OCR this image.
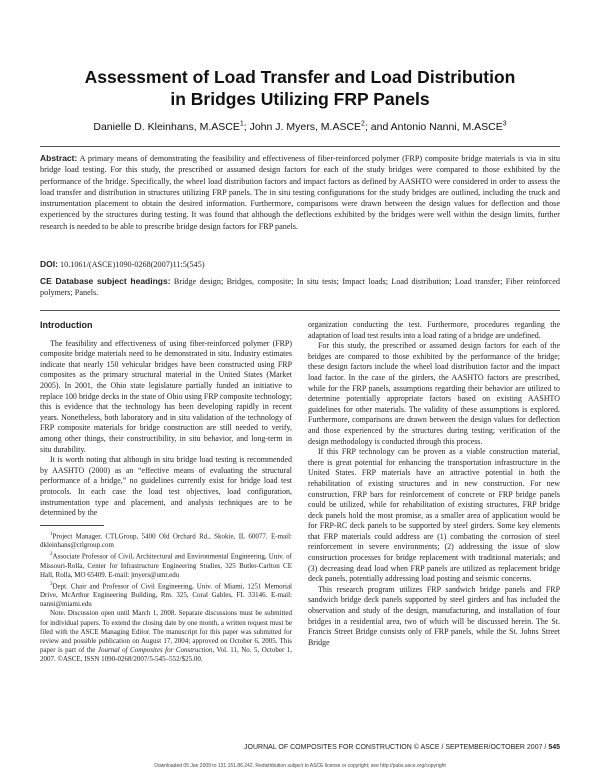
Assessment of Load Transfer and Load Distribution
in Bridges Utilizing FRP Panels
Danielle D. Kleinhans, M.ASCE$^1$; John J. Myers, M.ASCE$^2$; and Antonio Nanni, M.ASCE$^3$
Abstract: A primary means of demonstrating the feasibility and effectiveness of fiber-reinforced polymer (FRP) composite bridge materials is via in situ bridge load testing. For this study, the prescribed or assumed design factors for each of the study bridges were compared to those exhibited by the performance of the bridge. Specifically, the wheel load distribution factors and impact factors as defined by AASHTO were considered in order to assess the load transfer and distribution in structures utilizing FRP panels. The in situ testing configurations for the study bridges are outlined, including the truck and instrumentation placement to obtain the desired information. Furthermore, comparisons were drawn between the design values for deflection and those experienced by the structures during testing. It was found that although the deflections exhibited by the bridges were well within the design limits, further research is needed to be able to prescribe bridge design factors for FRP panels.
DOI: 10.1061/(ASCE)1090-0268(2007)11:5(545)
CE Database subject headings: Bridge design; Bridges, composite; In situ tests; Impact loads; Load distribution; Load transfer; Fiber reinforced polymers; Panels.
Introduction

The feasibility and effectiveness of using fiber-reinforced polymer (FRP) composite bridge materials need to be demonstrated in situ. Industry estimates indicate that nearly 150 vehicular bridges have been constructed using FRP composites as the primary structural material in the United States (Market 2005). In 2001, the Ohio state legislature partially funded an initiative to replace 100 bridge decks in the state of Ohio using FRP composite technology; this is evidence that the technology has been developing rapidly in recent years. Nonetheless, both laboratory and in situ validation of the technology of FRP composite materials for bridge construction are still needed to verify, among other things, their constructibility, in situ behavior, and long-term in situ durability.

It is worth noting that although in situ bridge load testing is recommended by AASHTO (2000) as an “effective means of evaluating the structural performance of a bridge,” no guidelines currently exist for bridge load test protocols. In each case the load test objectives, load configuration, instrumentation type and placement, and analysis techniques are to be determined by the

$^1$Project Manager, CTLGroup, 5400 Old Orchard Rd., Skokie, IL 60077. E-mail: dkleinhans@ctlgroup.com

$^2$Associate Professor of Civil, Architectural and Environmental Engineering, Univ. of Missouri-Rolla, Center for Infrastructure Engineering Studies, 325 Butler-Carlton CE Hall, Rolla, MO 65409. E-mail: jmyers@umr.edu

$^3$Dept. Chair and Professor of Civil Engineering, Univ. of Miami, 1251 Memorial Drive, McArthur Engineering Building, Rm. 325, Coral Gables, FL 33146. E-mail: nanni@miami.edu

Note. Discussion open until March 1, 2008. Separate discussions must be submitted for individual papers. To extend the closing date by one month, a written request must be filed with the ASCE Managing Editor. The manuscript for this paper was submitted for review and possible publication on August 17, 2004; approved on October 6, 2005. This paper is part of the Journal of Composites for Construction, Vol. 11, No. 5, October 1, 2007. ©ASCE, ISSN 1090-0268/2007/5-545–552/$25.00.

organization conducting the test. Furthermore, procedures regarding the adaptation of load test results into a load rating of a bridge are undefined.

For this study, the prescribed or assumed design factors for each of the bridges are compared to those exhibited by the performance of the bridge; these design factors include the wheel load distribution factor and the impact load factor. In the case of the girders, the AASHTO factors are prescribed, while for the FRP panels, assumptions regarding their behavior are utilized to determine potentially appropriate factors based on existing AASHTO guidelines for other materials. The validity of these assumptions is explored. Furthermore, comparisons are drawn between the design values for deflection and those experienced by the structures during testing; verification of the design methodology is conducted through this process.

If this FRP technology can be proven as a viable construction material, there is great potential for enhancing the transportation infrastructure in the United States. FRP materials have an attractive potential in both the rehabilitation of existing structures and in new construction. For new construction, FRP bars for reinforcement of concrete or FRP bridge panels could be utilized, while for rehabilitation of existing structures, FRP bridge deck panels hold the most promise, as a smaller area of application would be for FRP-RC deck panels to be supported by steel girders. Some key elements that FRP materials could address are (1) combating the corrosion of steel reinforcement in severe environments; (2) addressing the issue of slow construction processes for bridge replacement with traditional materials; and (3) decreasing dead load when FRP panels are utilized as replacement bridge deck panels, potentially addressing load posting and seismic concerns.

This research program utilizes FRP sandwich bridge panels and FRP sandwich bridge deck panels supported by steel girders and has included the observation and study of the design, manufacturing, and installation of four bridges in a residential area, two of which will be discussed herein. The St. Francis Street Bridge consists only of FRP panels, while the St. Johns Street Bridge

JOURNAL OF COMPOSITES FOR CONSTRUCTION © ASCE / SEPTEMBER/OCTOBER 2007 / 545
Downloaded 05 Jan 2009 to 131.151.86.242. Redistribution subject to ASCE license or copyright; see http://pubs.asce.org/copyright
